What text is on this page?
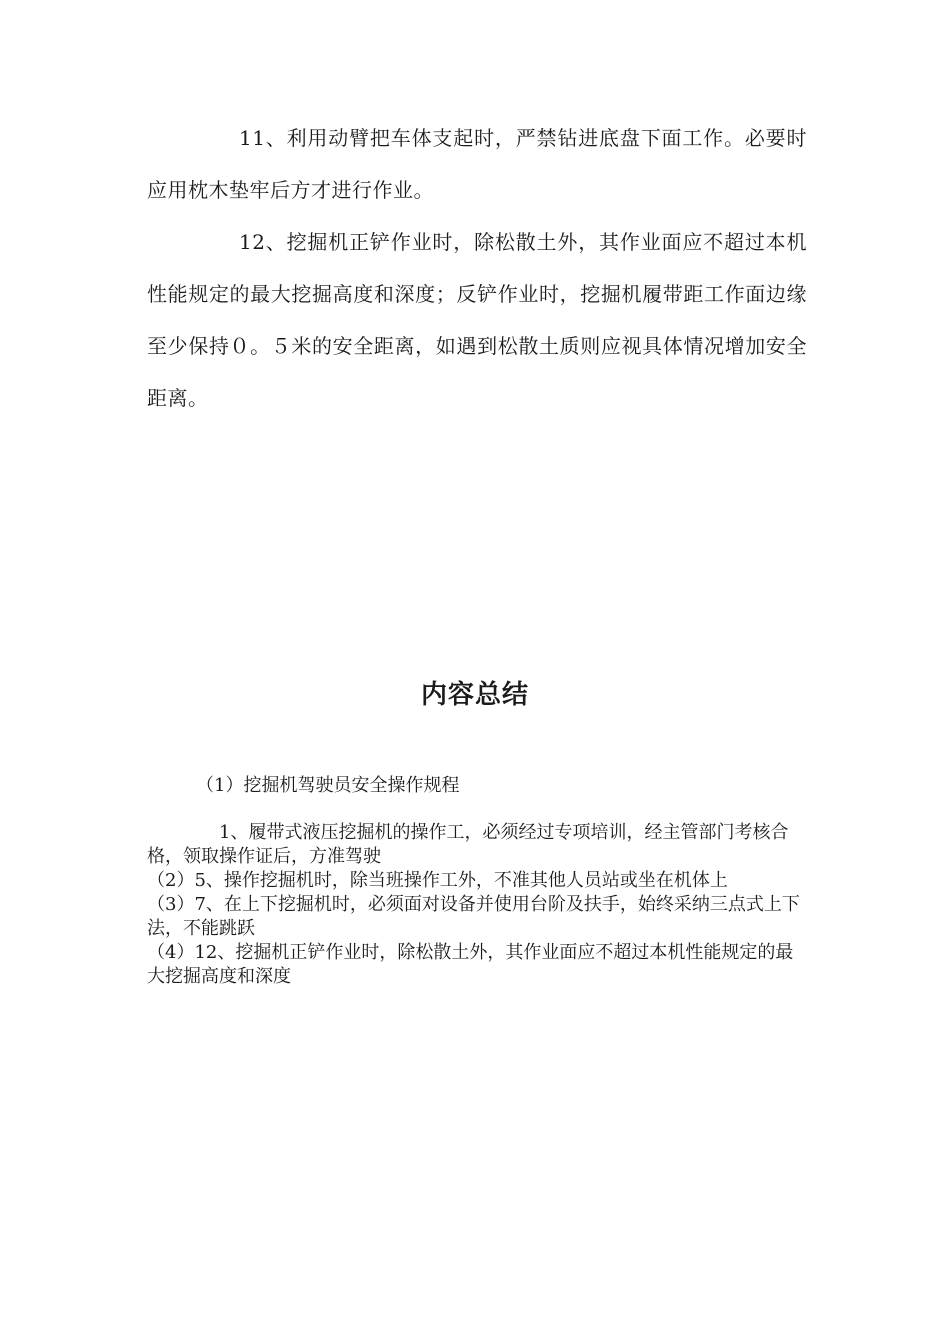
11、利用动臂把车体支起时，严禁钻进底盘下面工作。必要时应用枕木垫牢后方才进行作业。

12、挖掘机正铲作业时，除松散土外，其作业面应不超过本机性能规定的最大挖掘高度和深度；反铲作业时，挖掘机履带距工作面边缘至少保持０。５米的安全距离，如遇到松散土质则应视具体情况增加安全距离。

内容总结

（1）挖掘机驾驶员安全操作规程

1、履带式液压挖掘机的操作工，必须经过专项培训，经主管部门考核合格，领取操作证后，方准驾驶

（2）5、操作挖掘机时，除当班操作工外，不准其他人员站或坐在机体上

（3）7、在上下挖掘机时，必须面对设备并使用台阶及扶手，始终采纳三点式上下法，不能跳跃

（4）12、挖掘机正铲作业时，除松散土外，其作业面应不超过本机性能规定的最大挖掘高度和深度
